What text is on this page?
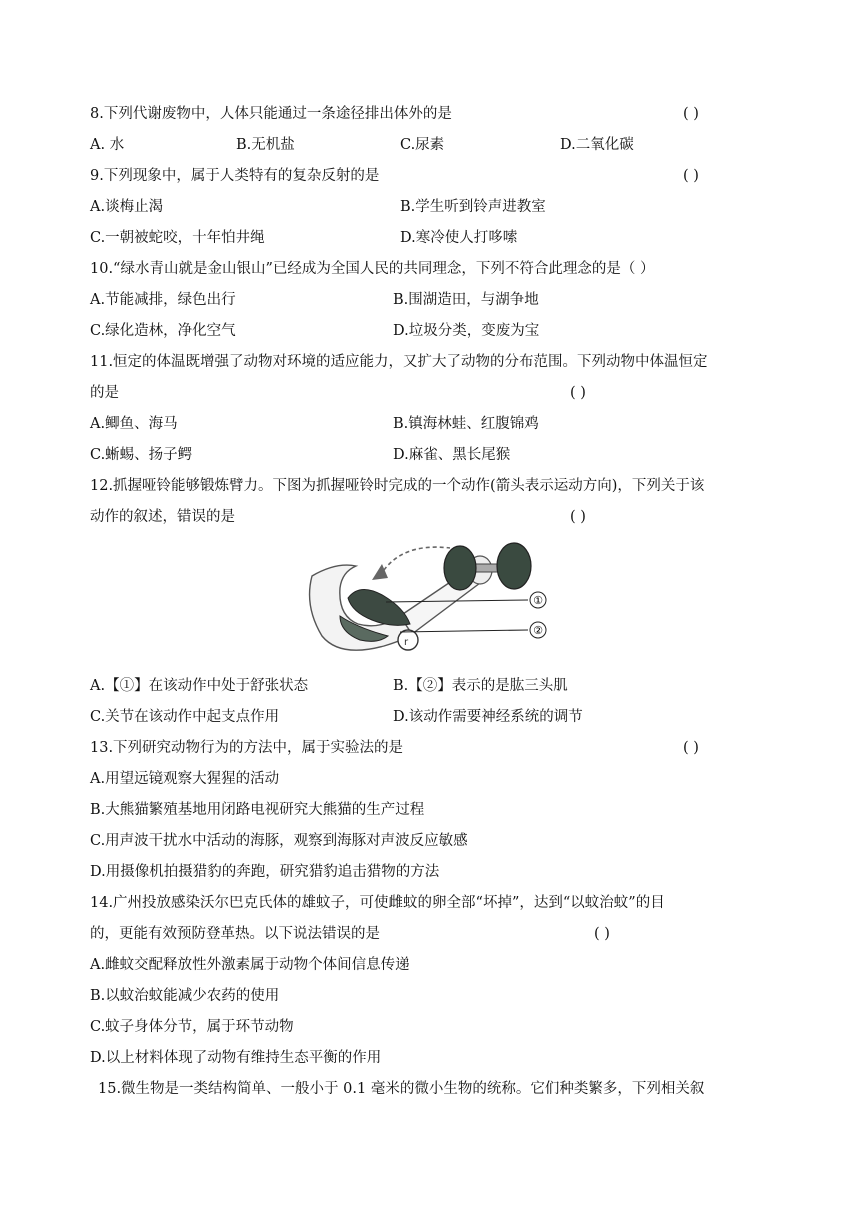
8.下列代谢废物中，人体只能通过一条途径排出体外的是	( )
A. 水	B.无机盐	C.尿素	D.二氧化碳
9.下列现象中，属于人类特有的复杂反射的是	( )
A.谈梅止渴	B.学生听到铃声进教室
C.一朝被蛇咬，十年怕井绳	D.寒冷使人打哆嗦
10.“绿水青山就是金山银山”已经成为全国人民的共同理念，下列不符合此理念的是（ ）
A.节能减排，绿色出行	B.围湖造田，与湖争地
C.绿化造林，净化空气	D.垃圾分类，变废为宝
11.恒定的体温既增强了动物对环境的适应能力，又扩大了动物的分布范围。下列动物中体温恒定
的是	( )
A.鲫鱼、海马	B.镇海林蛙、红腹锦鸡
C.蜥蜴、扬子鳄	D.麻雀、黑长尾猴
12.抓握哑铃能够锻炼臂力。下图为抓握哑铃时完成的一个动作(箭头表示运动方向)，下列关于该
动作的叙述，错误的是	( )
r
①
②
A.【①】在该动作中处于舒张状态	B.【②】表示的是肱三头肌
C.关节在该动作中起支点作用	D.该动作需要神经系统的调节
13.下列研究动物行为的方法中，属于实验法的是	( )
A.用望远镜观察大猩猩的活动
B.大熊猫繁殖基地用闭路电视研究大熊猫的生产过程
C.用声波干扰水中活动的海豚，观察到海豚对声波反应敏感
D.用摄像机拍摄猎豹的奔跑，研究猎豹追击猎物的方法
14.广州投放感染沃尔巴克氏体的雄蚊子，可使雌蚊的卵全部“坏掉”，达到“以蚊治蚊”的目
的，更能有效预防登革热。以下说法错误的是	( )
A.雌蚊交配释放性外激素属于动物个体间信息传递
B.以蚊治蚊能减少农药的使用
C.蚊子身体分节，属于环节动物
D.以上材料体现了动物有维持生态平衡的作用
15.微生物是一类结构简单、一般小于 0.1 毫米的微小生物的统称。它们种类繁多，下列相关叙
